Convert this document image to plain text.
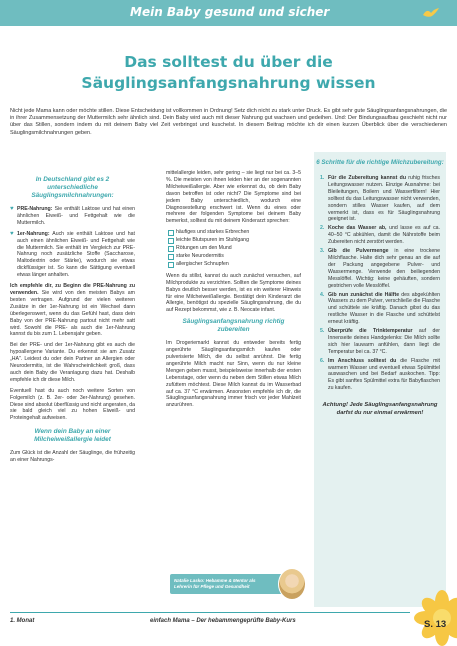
Mein Baby gesund und sicher
Das solltest du über die
Säuglingsanfangsnahrung wissen
Nicht jede Mama kann oder möchte stillen. Diese Entscheidung ist vollkommen in Ordnung! Setz dich nicht zu stark unter Druck. Es gibt sehr gute Säuglingsanfangsnahrungen, die in ihrer Zusammensetzung der Muttermilch sehr ähnlich sind. Dein Baby wird auch mit dieser Nahrung gut wachsen und gedeihen. Und: Der Bindungsaufbau geschieht nicht nur über das Stillen, sondern indem du mit deinem Baby viel Zeit verbringst und kuschelst. In diesem Beitrag möchte ich dir einen kurzen Überblick über die verschiedenen Säuglingsmilchnahrungen geben.
In Deutschland gibt es 2 unterschiedliche Säuglingsmilchnahrungen:
♥ PRE-Nahrung: Sie enthält Laktose und hat einen ähnlichen Eiweiß- und Fettgehalt wie die Muttermilch.
♥ 1er-Nahrung: Auch sie enthält Laktose und hat auch einen ähnlichen Eiweiß- und Fettgehalt wie die Muttermilch. Sie enthält im Vergleich zur PRE-Nahrung noch zusätzliche Stoffe (Saccharose, Maltodextrin oder Stärke), wodurch sie etwas dickflüssiger ist. So kann die Sättigung eventuell etwas länger anhalten.

Ich empfehle dir, zu Beginn die PRE-Nahrung zu verwenden. Sie wird von den meisten Babys am besten vertragen. Aufgrund der vielen weiteren Zusätze in der 1er-Nahrung ist ein Wechsel dann überlegenswert, wenn du das Gefühl hast, dass dein Baby von der PRE-Nahrung partout nicht mehr satt wird. Sowohl die PRE- als auch die 1er-Nahrung kannst du bis zum 1. Lebensjahr geben.

Bei der PRE- und der 1er-Nahrung gibt es auch die hypoallergene Variante. Du erkennst sie am Zusatz „HA". Leidest du oder dein Partner an Allergien oder Neurodermitis, ist die Wahrscheinlichkeit groß, dass auch dein Baby die Veranlagung dazu hat. Deshalb empfehle ich dir diese Milch.

Eventuell hast du auch noch weitere Sorten von Folgemilch (z. B. 2er- oder 3er-Nahrung) gesehen. Diese sind absolut überflüssig und nicht angeraten, da sie bald gleich viel zu hohen Eiweiß- und Proteingehalt aufweisen.

Wenn dein Baby an einer Milcheiweißallergie leidet

Zum Glück ist die Anzahl der Säuglinge, die frühzeitig an einer Nahrungs-

mittelallergie leiden, sehr gering – sie liegt nur bei ca. 3–5 %. Die meisten von ihnen leiden hier an der sogenannten Milcheiweißallergie. Aber wie erkennst du, ob dein Baby davon betroffen ist oder nicht? Die Symptome sind bei jedem Baby unterschiedlich, wodurch eine Diagnosestellung erschwert ist. Wenn du eines oder mehrere der folgenden Symptome bei deinem Baby bemerkst, solltest du mit deinem Kinderarzt sprechen:

häufiges und starkes Erbrechen
leichte Blutspuren im Stuhlgang
Rötungen um den Mund
starke Neurodermitis
allergischer Schnupfen

Wenn du stillst, kannst du auch zunächst versuchen, auf Milchprodukte zu verzichten. Sollten die Symptome deines Babys deutlich besser werden, ist es ein weiterer Hinweis für eine Milcheiweißallergie. Bestätigt dein Kinderarzt die Allergie, benötigst du spezielle Säuglingsnahrung, die du auf Rezept bekommst, wie z. B. Neocate infant.

Säuglingsanfangsnahrung richtig zubereiten

Im Drogeriemarkt kannst du entweder bereits fertig angerührte Säuglingsanfangsmilch kaufen oder pulverisierte Milch, die du selbst anrührst. Die fertig angerührte Milch macht nur Sinn, wenn du nur kleine Mengen geben musst, beispielsweise innerhalb der ersten Lebenstage, oder wenn du neben dem Stillen etwas Milch zufüttern möchtest. Diese Milch kannst du im Wasserbad auf ca. 37 °C erwärmen. Ansonsten empfehle ich dir, die Säuglingsanfangsnahrung immer frisch vor jeder Mahlzeit anzurühren.

6 Schritte für die richtige Milchzubereitung:
1. Für die Zubereitung kannst du ruhig frisches Leitungswasser nutzen. Einzige Ausnahme: bei Bleileitungen, Boilern und Wasserfiltern! Hier solltest du das Leitungswasser nicht verwenden, sondern stilles Wasser kaufen, auf dem vermerkt ist, dass es für Säuglingsnahrung geeignet ist.
2. Koche das Wasser ab, und lasse es auf ca. 40–50 °C abkühlen, damit die Nährstoffe beim Zubereiten nicht zerstört werden.
3. Gib die Pulvermenge in eine trockene Milchflasche. Halte dich sehr genau an die auf der Packung angegebene Pulver- und Wassermenge. Verwende den beiliegenden Messlöffel. Wichtig: keine gehäuften, sondern gestrichen volle Messlöffel.
4. Gib nun zunächst die Hälfte des abgekühlten Wassers zu dem Pulver, verschließe die Flasche und schüttele sie kräftig. Danach gibst du das restliche Wasser in die Flasche und schüttelst erneut kräftig.
5. Überprüfe die Trinktemperatur auf der Innenseite deines Handgelenks: Die Milch sollte sich hier lauwarm anfühlen, dann liegt die Temperatur bei ca. 37 °C.
6. Im Anschluss solltest du die Flasche mit warmem Wasser und eventuell etwas Spülmittel auswaschen und bei Bedarf auskochen. Tipp: Es gibt sanftes Spülmittel extra für Babyflaschen zu kaufen.
Achtung! Jede Säuglingsanfangsnahrung darfst du nur einmal erwärmen!
Natalie Lasko: Hebamme & Mentor als Lehrerin für Pflege und Gesundheit
1. Monat	einfach Mama – Der hebammengeprüfte Baby-Kurs	S. 13
